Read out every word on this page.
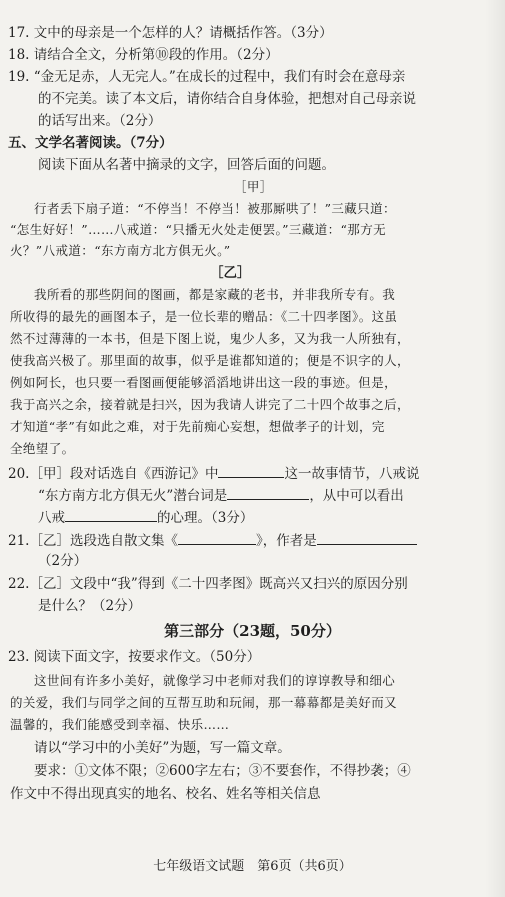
17. 文中的母亲是一个怎样的人？请概括作答。（3分）
18. 请结合全文，分析第⑩段的作用。（2分）
19. “金无足赤，人无完人。”在成长的过程中，我们有时会在意母亲
的不完美。读了本文后，请你结合自身体验，把想对自己母亲说
的话写出来。（2分）
五、文学名著阅读。（7分）
阅读下面从名著中摘录的文字，回答后面的问题。
［甲］
行者丢下扇子道：“不停当！不停当！被那厮哄了！”三藏只道：
“怎生好好！”……八戒道：“只播无火处走便罢。”三藏道：“那方无
火？”八戒道：“东方南方北方俱无火。”
［乙］
我所看的那些阴间的图画，都是家藏的老书，并非我所专有。我
所收得的最先的画图本子，是一位长辈的赠品：《二十四孝图》。这虽
然不过薄薄的一本书，但是下图上说，鬼少人多，又为我一人所独有，
使我高兴极了。那里面的故事，似乎是谁都知道的；便是不识字的人，
例如阿长，也只要一看图画便能够滔滔地讲出这一段的事迹。但是，
我于高兴之余，接着就是扫兴，因为我请人讲完了二十四个故事之后，
才知道“孝”有如此之难，对于先前痴心妄想，想做孝子的计划，完
全绝望了。
20.［甲］段对话选自《西游记》中	这一故事情节，八戒说
“东方南方北方俱无火”潜台词是	，从中可以看出
八戒	的心理。（3分）
21.［乙］选段选自散文集《	》，作者是
（2分）
22.［乙］文段中“我”得到《二十四孝图》既高兴又扫兴的原因分别
是什么？（2分）
第三部分（23题，50分）
23. 阅读下面文字，按要求作文。（50分）
这世间有许多小美好，就像学习中老师对我们的谆谆教导和细心
的关爱，我们与同学之间的互帮互助和玩闹，那一幕幕都是美好而又
温馨的，我们能感受到幸福、快乐……
请以“学习中的小美好”为题，写一篇文章。
要求：①文体不限；②600字左右；③不要套作，不得抄袭；④
作文中不得出现真实的地名、校名、姓名等相关信息
七年级语文试题　第6页（共6页）
